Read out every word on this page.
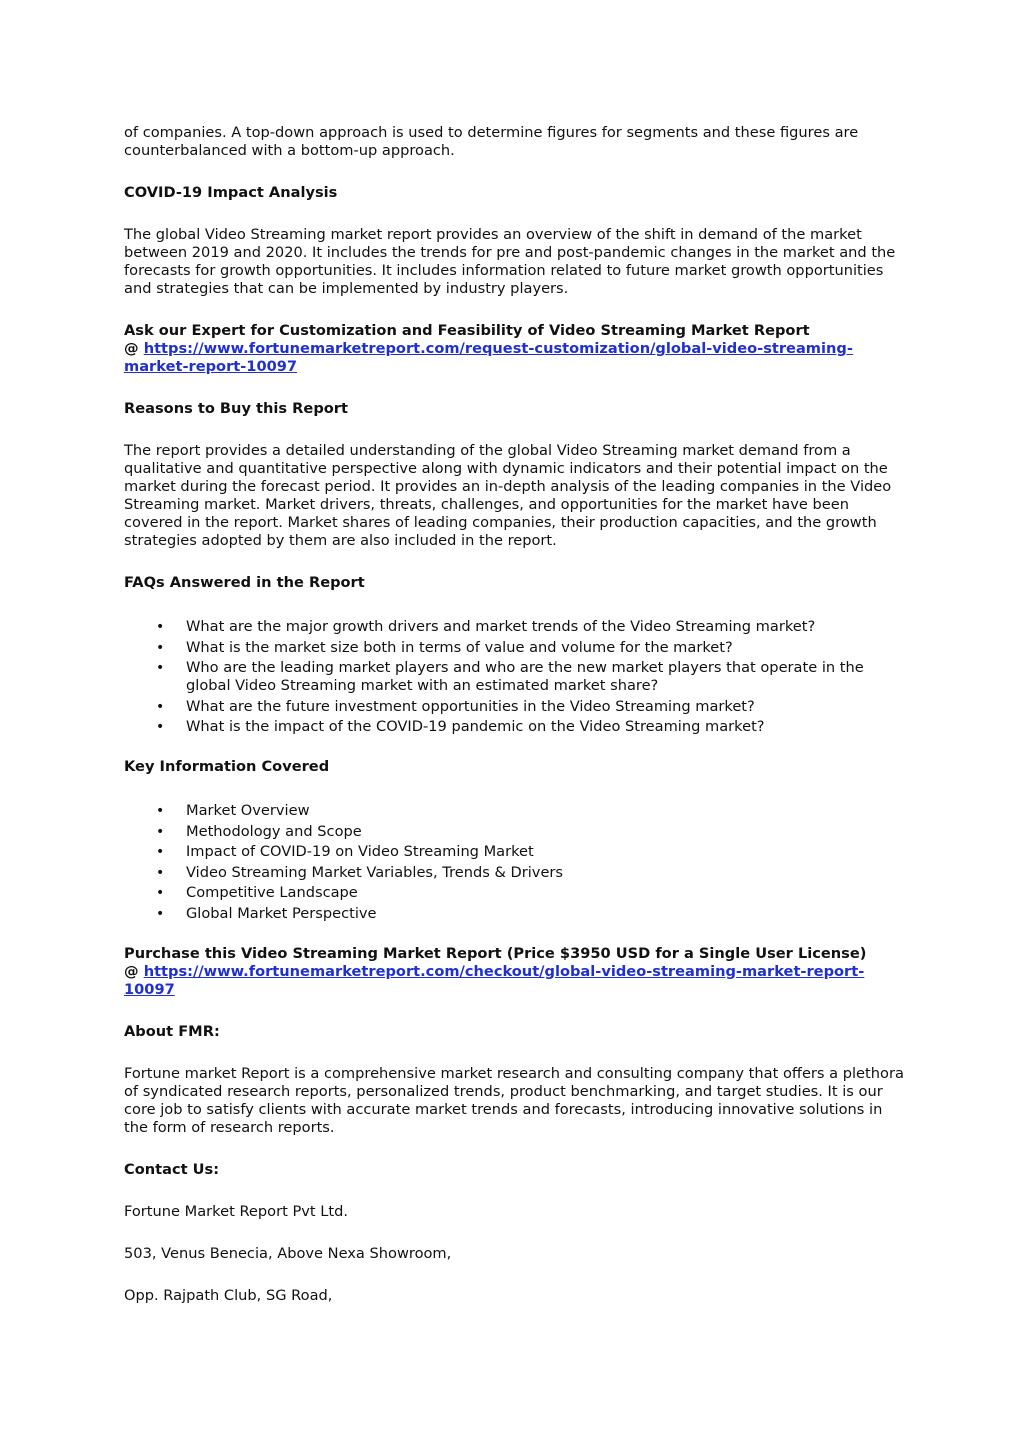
of companies. A top-down approach is used to determine figures for segments and these figures are counterbalanced with a bottom-up approach.

COVID-19 Impact Analysis

The global Video Streaming market report provides an overview of the shift in demand of the market between 2019 and 2020. It includes the trends for pre and post-pandemic changes in the market and the forecasts for growth opportunities. It includes information related to future market growth opportunities and strategies that can be implemented by industry players.

Ask our Expert for Customization and Feasibility of Video Streaming Market Report
@ https://www.fortunemarketreport.com/request-customization/global-video-streaming-market-report-10097

Reasons to Buy this Report

The report provides a detailed understanding of the global Video Streaming market demand from a qualitative and quantitative perspective along with dynamic indicators and their potential impact on the market during the forecast period. It provides an in-depth analysis of the leading companies in the Video Streaming market. Market drivers, threats, challenges, and opportunities for the market have been covered in the report. Market shares of leading companies, their production capacities, and the growth strategies adopted by them are also included in the report.

FAQs Answered in the Report

• What are the major growth drivers and market trends of the Video Streaming market?
• What is the market size both in terms of value and volume for the market?
• Who are the leading market players and who are the new market players that operate in the global Video Streaming market with an estimated market share?
• What are the future investment opportunities in the Video Streaming market?
• What is the impact of the COVID-19 pandemic on the Video Streaming market?

Key Information Covered

• Market Overview
• Methodology and Scope
• Impact of COVID-19 on Video Streaming Market
• Video Streaming Market Variables, Trends & Drivers
• Competitive Landscape
• Global Market Perspective

Purchase this Video Streaming Market Report (Price $3950 USD for a Single User License)
@ https://www.fortunemarketreport.com/checkout/global-video-streaming-market-report-10097

About FMR:

Fortune market Report is a comprehensive market research and consulting company that offers a plethora of syndicated research reports, personalized trends, product benchmarking, and target studies. It is our core job to satisfy clients with accurate market trends and forecasts, introducing innovative solutions in the form of research reports.

Contact Us:

Fortune Market Report Pvt Ltd.

503, Venus Benecia, Above Nexa Showroom,

Opp. Rajpath Club, SG Road,
